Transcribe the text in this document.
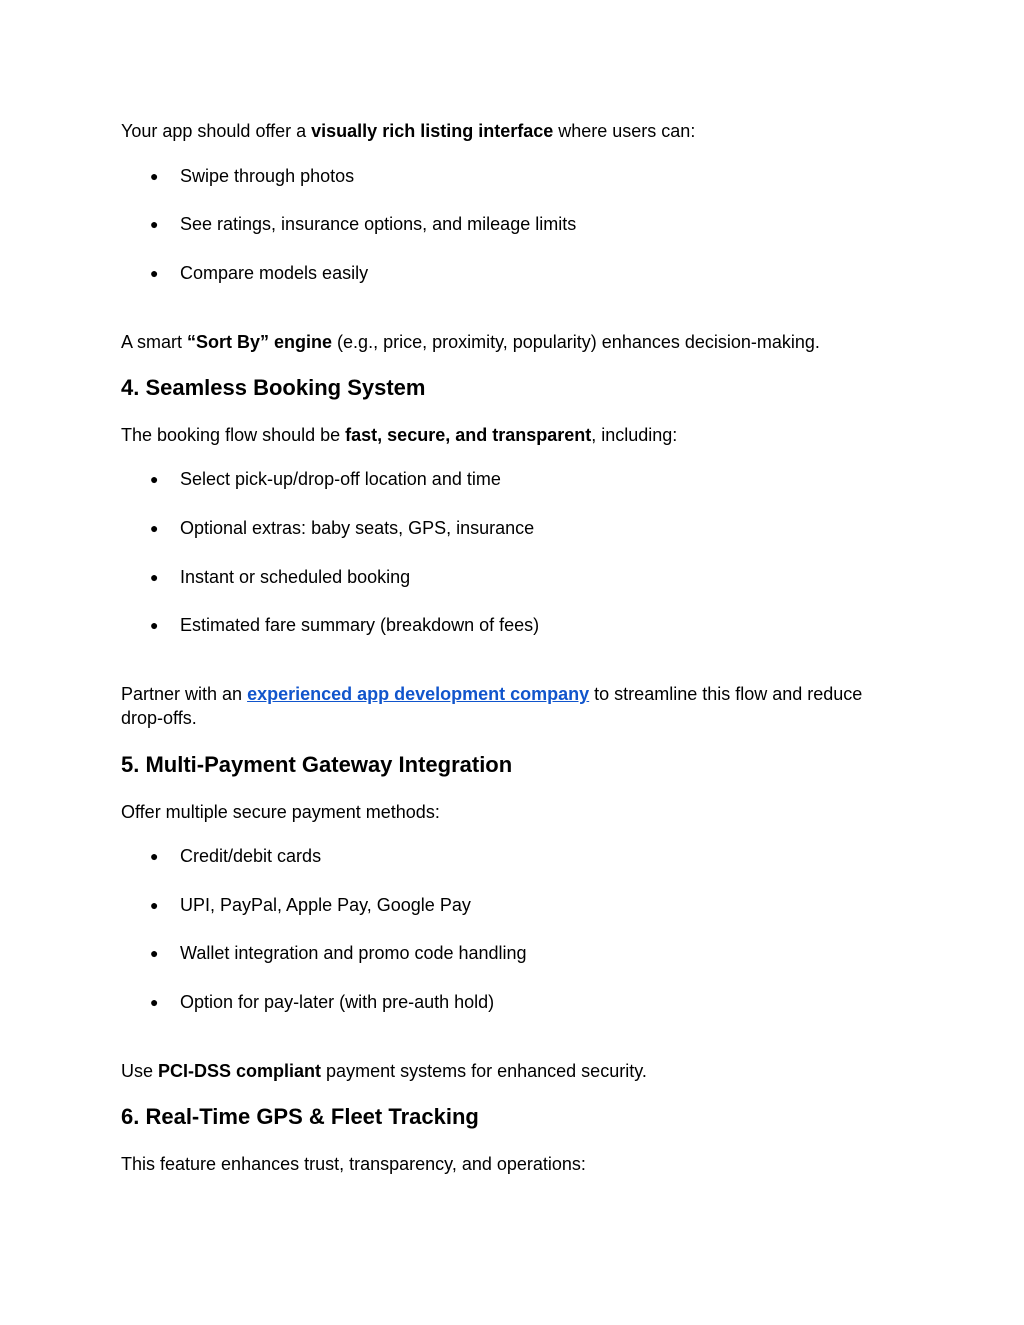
Your app should offer a visually rich listing interface where users can:
● Swipe through photos
● See ratings, insurance options, and mileage limits
● Compare models easily
A smart “Sort By” engine (e.g., price, proximity, popularity) enhances decision-making.
4. Seamless Booking System
The booking flow should be fast, secure, and transparent, including:
● Select pick-up/drop-off location and time
● Optional extras: baby seats, GPS, insurance
● Instant or scheduled booking
● Estimated fare summary (breakdown of fees)
Partner with an experienced app development company to streamline this flow and reduce
drop-offs.
5. Multi-Payment Gateway Integration
Offer multiple secure payment methods:
● Credit/debit cards
● UPI, PayPal, Apple Pay, Google Pay
● Wallet integration and promo code handling
● Option for pay-later (with pre-auth hold)
Use PCI-DSS compliant payment systems for enhanced security.
6. Real-Time GPS & Fleet Tracking
This feature enhances trust, transparency, and operations:
